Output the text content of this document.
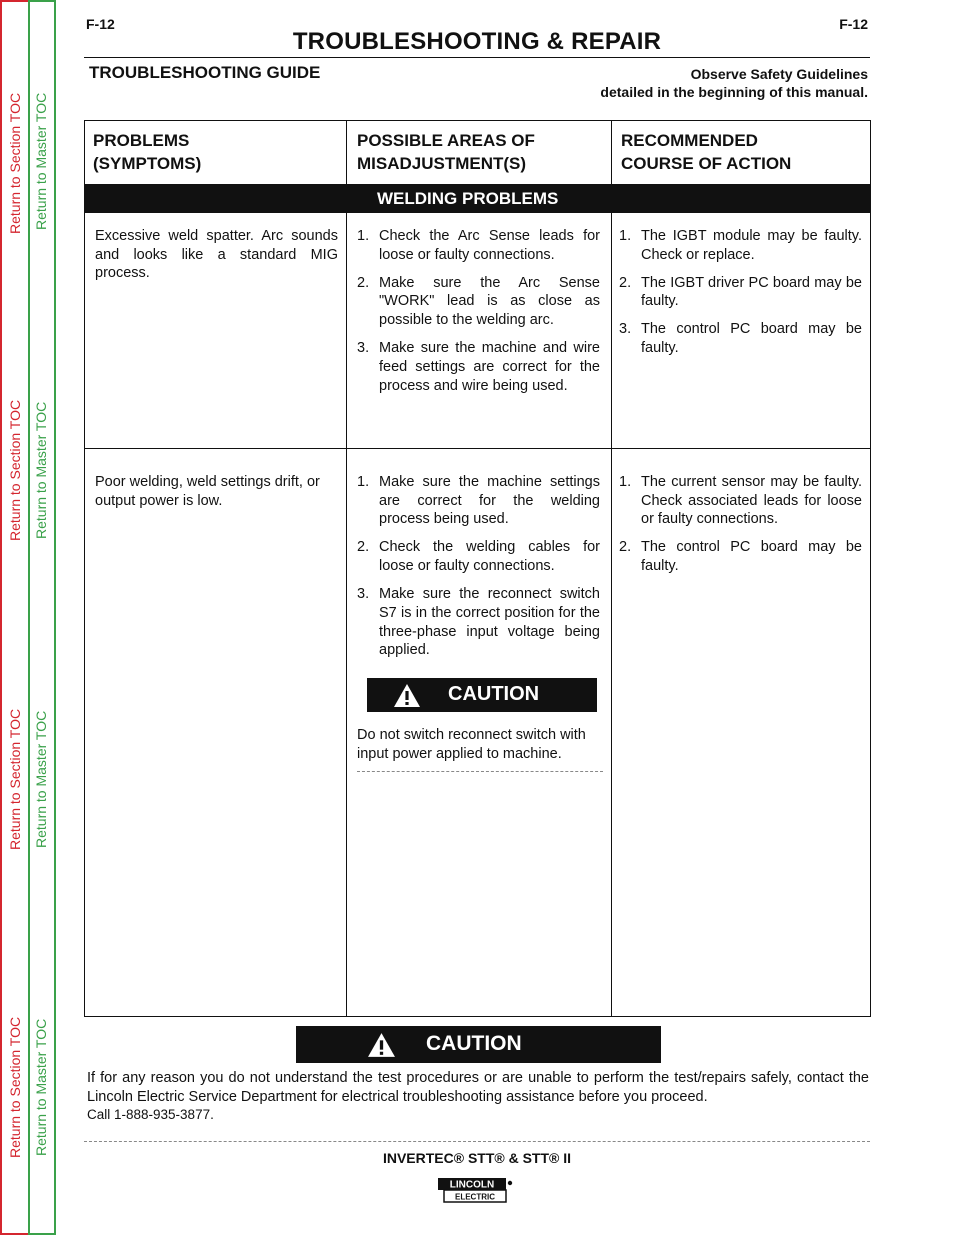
Return to Section TOC Return to Master TOC
Return to Section TOC Return to Master TOC
Return to Section TOC Return to Master TOC
Return to Section TOC Return to Master TOC
F-12	F-12
TROUBLESHOOTING & REPAIR
TROUBLESHOOTING GUIDE	Observe Safety Guidelines
detailed in the beginning of this manual.
PROBLEMS
(SYMPTOMS)
POSSIBLE AREAS OF
MISADJUSTMENT(S)
RECOMMENDED
COURSE OF ACTION
WELDING PROBLEMS
Excessive weld spatter. Arc sounds and looks like a standard MIG process.
1. Check the Arc Sense leads for loose or faulty connections.
2. Make sure the Arc Sense "WORK" lead is as close as possible to the welding arc.
3. Make sure the machine and wire feed settings are correct for the process and wire being used.
1. The IGBT module may be faulty. Check or replace.
2. The IGBT driver PC board may be faulty.
3. The control PC board may be faulty.
Poor welding, weld settings drift, or output power is low.
1. Make sure the machine settings are correct for the welding process being used.
2. Check the welding cables for loose or faulty connections.
3. Make sure the reconnect switch S7 is in the correct position for the three-phase input voltage being applied.
1. The current sensor may be faulty. Check associated leads for loose or faulty connections.
2. The control PC board may be faulty.
CAUTION
Do not switch reconnect switch with input power applied to machine.
CAUTION
If for any reason you do not understand the test procedures or are unable to perform the test/repairs safely, contact the Lincoln Electric Service Department for electrical troubleshooting assistance before you proceed.
Call 1-888-935-3877.
INVERTEC® STT® & STT® II
LINCOLN
ELECTRIC
